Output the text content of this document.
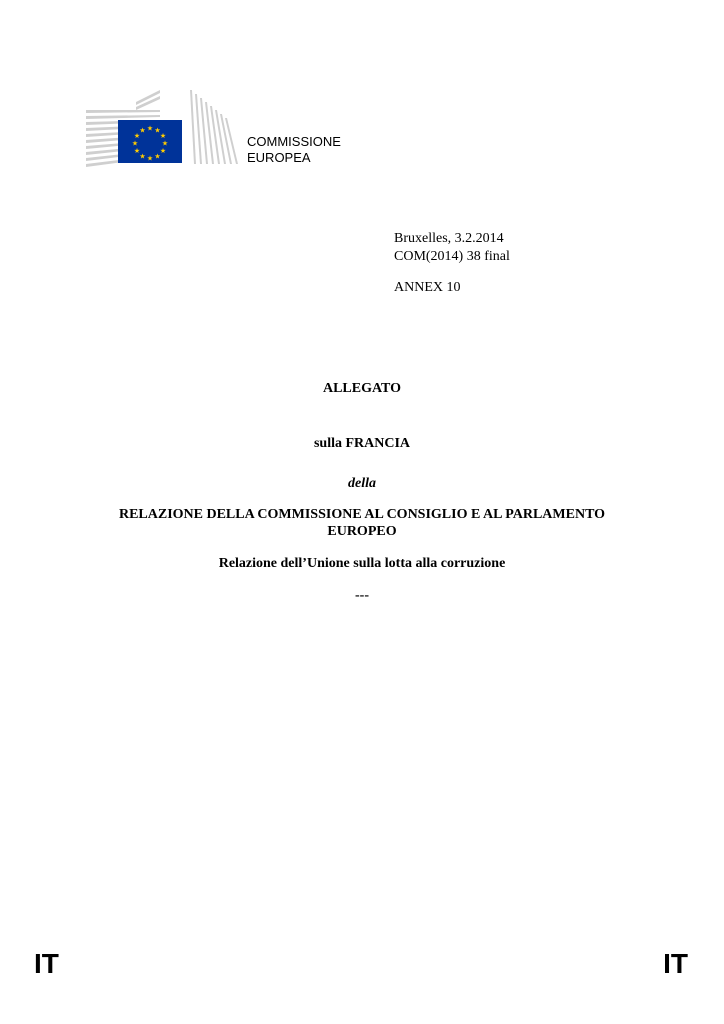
★ ★
★
★
★
★
★
★
★
★
★
★
COMMISSIONE
EUROPEA
Bruxelles, 3.2.2014
COM(2014) 38 final
ANNEX 10
ALLEGATO
sulla FRANCIA
della
RELAZIONE DELLA COMMISSIONE AL CONSIGLIO E AL PARLAMENTO
EUROPEO
Relazione dell’Unione sulla lotta alla corruzione
---
IT	IT
